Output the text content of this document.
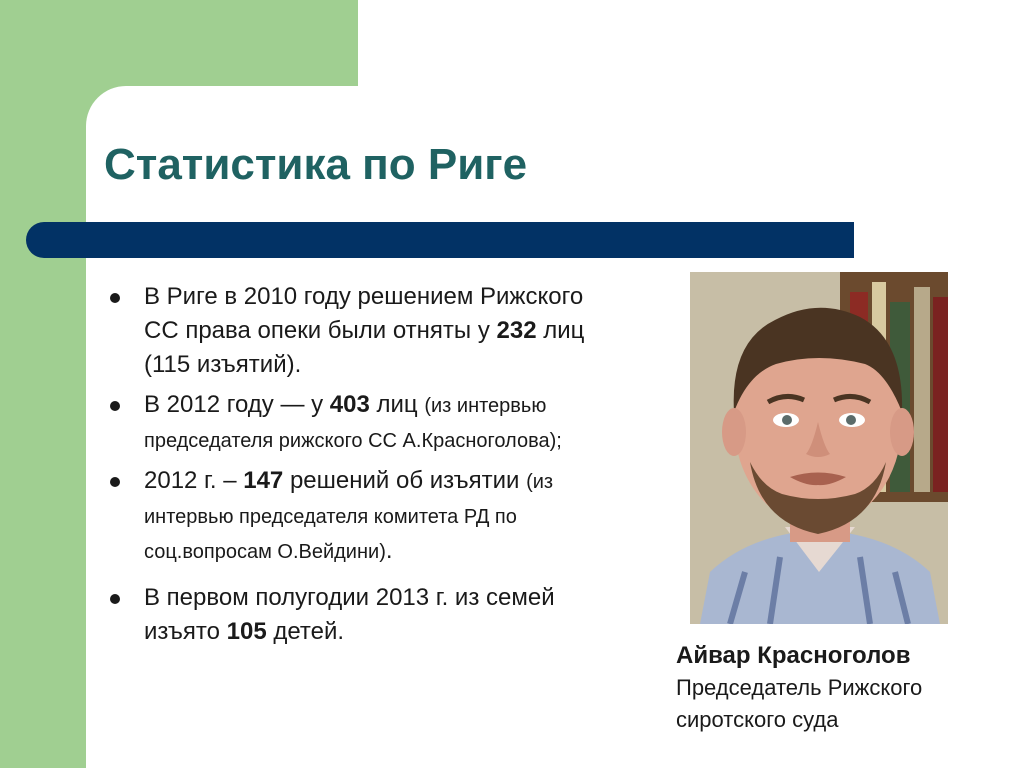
Статистика по Риге
В Риге в 2010 году решением Рижского СС права опеки были отняты у 232 лиц (115 изъятий).
В 2012 году — у 403 лиц (из интервью председателя рижского СС А.Красноголова);
2012 г. – 147 решений об изъятии (из интервью председателя комитета РД по соц.вопросам О.Вейдини).
В первом полугодии 2013 г. из семей изъято 105 детей.
Айвар Красноголов
Председатель Рижского
сиротского суда
